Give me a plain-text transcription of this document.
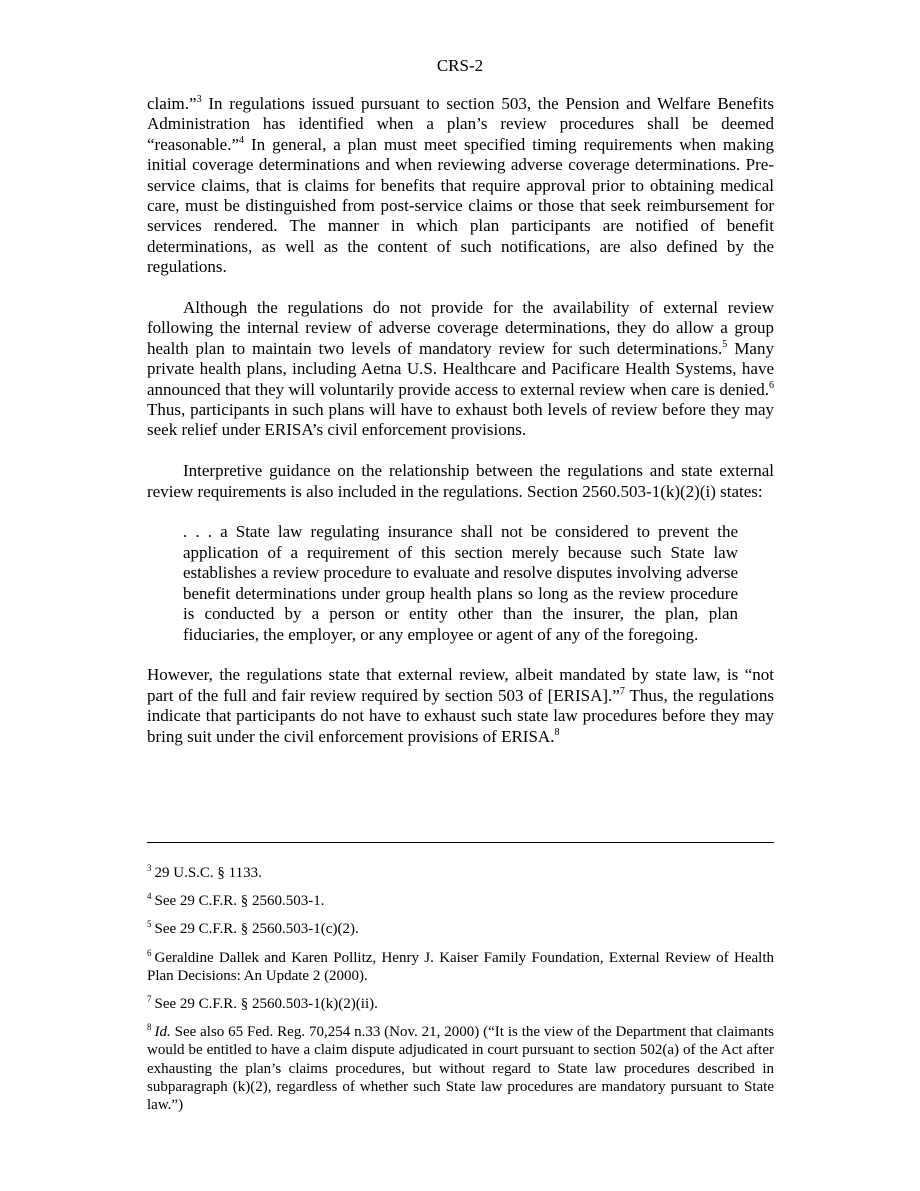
CRS-2

claim.”$^3$ In regulations issued pursuant to section 503, the Pension and Welfare Benefits Administration has identified when a plan’s review procedures shall be deemed “reasonable.”$^4$ In general, a plan must meet specified timing requirements when making initial coverage determinations and when reviewing adverse coverage determinations. Pre-service claims, that is claims for benefits that require approval prior to obtaining medical care, must be distinguished from post-service claims or those that seek reimbursement for services rendered. The manner in which plan participants are notified of benefit determinations, as well as the content of such notifications, are also defined by the regulations.

Although the regulations do not provide for the availability of external review following the internal review of adverse coverage determinations, they do allow a group health plan to maintain two levels of mandatory review for such determinations.$^5$ Many private health plans, including Aetna U.S. Healthcare and Pacificare Health Systems, have announced that they will voluntarily provide access to external review when care is denied.$^6$ Thus, participants in such plans will have to exhaust both levels of review before they may seek relief under ERISA’s civil enforcement provisions.

Interpretive guidance on the relationship between the regulations and state external review requirements is also included in the regulations. Section 2560.503-1(k)(2)(i) states:

. . . a State law regulating insurance shall not be considered to prevent the application of a requirement of this section merely because such State law establishes a review procedure to evaluate and resolve disputes involving adverse benefit determinations under group health plans so long as the review procedure is conducted by a person or entity other than the insurer, the plan, plan fiduciaries, the employer, or any employee or agent of any of the foregoing.

However, the regulations state that external review, albeit mandated by state law, is “not part of the full and fair review required by section 503 of [ERISA].”$^7$ Thus, the regulations indicate that participants do not have to exhaust such state law procedures before they may bring suit under the civil enforcement provisions of ERISA.$^8$

$^3$ 29 U.S.C. § 1133.

$^4$ See 29 C.F.R. § 2560.503-1.

$^5$ See 29 C.F.R. § 2560.503-1(c)(2).

$^6$ Geraldine Dallek and Karen Pollitz, Henry J. Kaiser Family Foundation, External Review of Health Plan Decisions: An Update 2 (2000).

$^7$ See 29 C.F.R. § 2560.503-1(k)(2)(ii).

$^8$ Id. See also 65 Fed. Reg. 70,254 n.33 (Nov. 21, 2000) (“It is the view of the Department that claimants would be entitled to have a claim dispute adjudicated in court pursuant to section 502(a) of the Act after exhausting the plan’s claims procedures, but without regard to State law procedures described in subparagraph (k)(2), regardless of whether such State law procedures are mandatory pursuant to State law.”)
